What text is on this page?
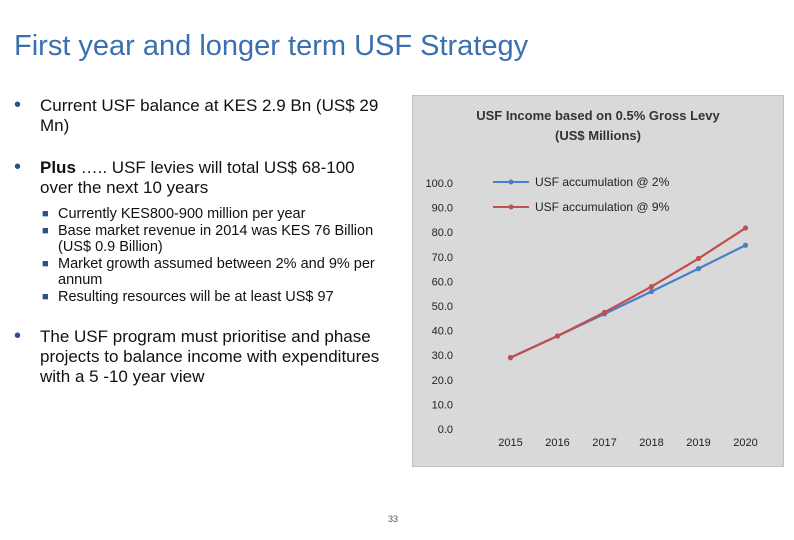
First year and longer term USF Strategy
• Current USF balance at KES 2.9 Bn (US$ 29 Mn)
• Plus ….. USF levies will total US$ 68-100 over the next 10 years
■ Currently KES800-900 million per year
■ Base market revenue in 2014 was KES 76 Billion (US$ 0.9 Billion)
■ Market growth assumed between 2% and 9% per annum
■ Resulting resources will be at least US$ 97
• The USF program must prioritise and phase projects to balance income with expenditures with a 5 -10 year view
USF Income based on 0.5% Gross Levy
(US$ Millions)
100.0
90.0
80.0
70.0
60.0
50.0
40.0
30.0
20.0
10.0
0.0
2015 2016 2017 2018 2019 2020
USF accumulation @ 2%
USF accumulation @ 9%
33
